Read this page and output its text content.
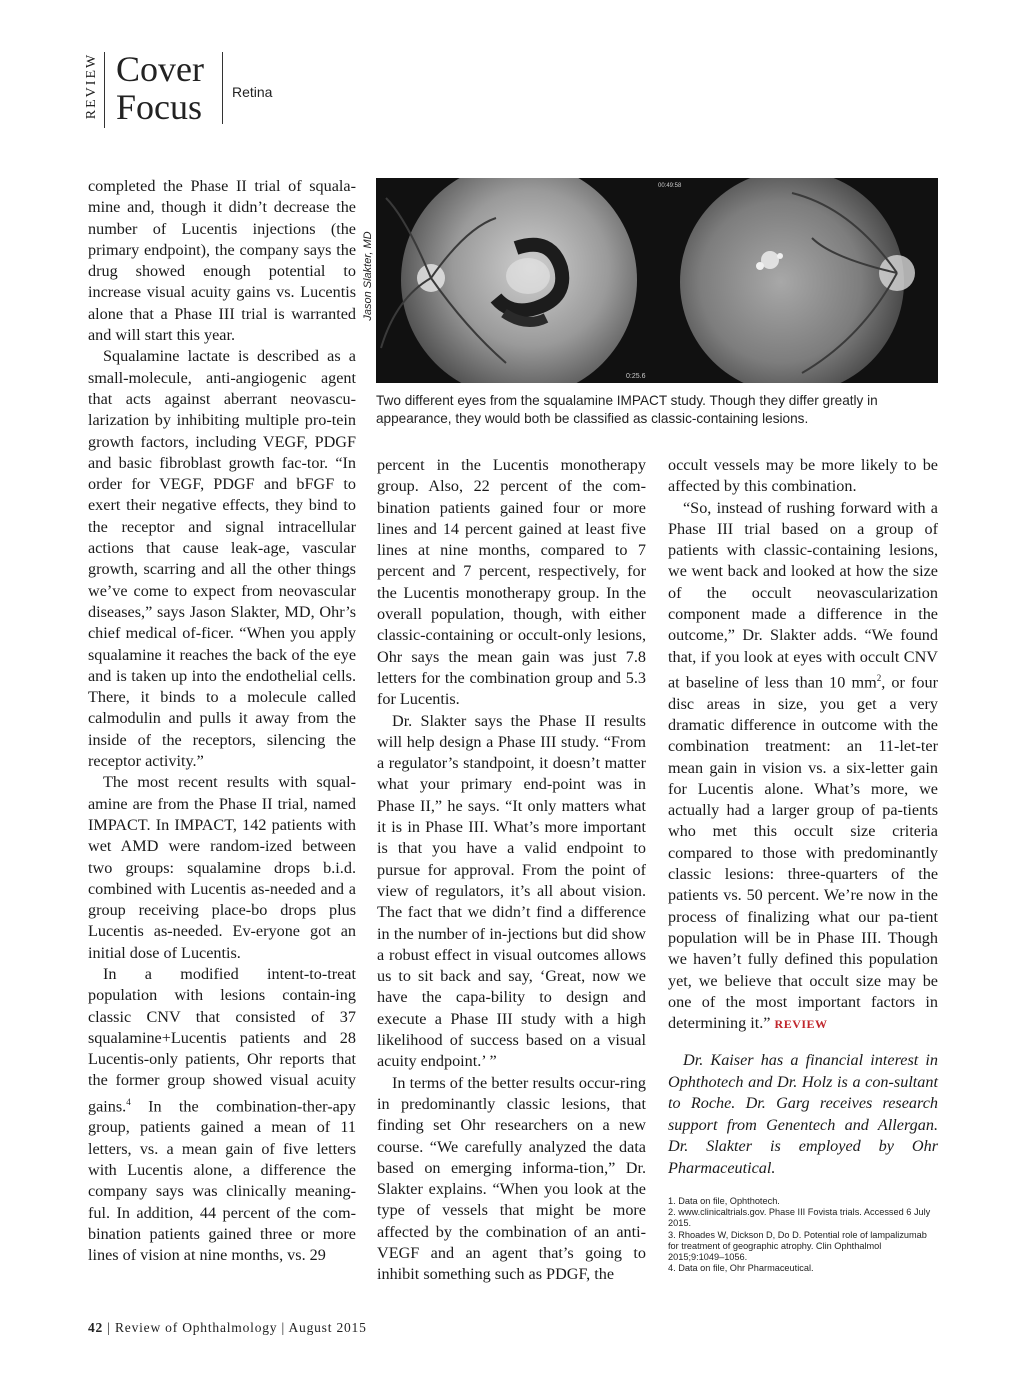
REVIEW Cover
Focus Retina

completed the Phase II trial of squala-mine and, though it didn’t decrease the number of Lucentis injections (the primary endpoint), the company says the drug showed enough potential to increase visual acuity gains vs. Lucentis alone that a Phase III trial is warranted and will start this year.

Squalamine lactate is described as a small-molecule, anti-angiogenic agent that acts against aberrant neovascu-larization by inhibiting multiple pro-tein growth factors, including VEGF, PDGF and basic fibroblast growth fac-tor. “In order for VEGF, PDGF and bFGF to exert their negative effects, they bind to the receptor and signal intracellular actions that cause leak-age, vascular growth, scarring and all the other things we’ve come to expect from neovascular diseases,” says Jason Slakter, MD, Ohr’s chief medical of-ficer. “When you apply squalamine it reaches the back of the eye and is taken up into the endothelial cells. There, it binds to a molecule called calmodulin and pulls it away from the inside of the receptors, silencing the receptor activity.”

The most recent results with squal-amine are from the Phase II trial, named IMPACT. In IMPACT, 142 patients with wet AMD were random-ized between two groups: squalamine drops b.i.d. combined with Lucentis as-needed and a group receiving place-bo drops plus Lucentis as-needed. Ev-eryone got an initial dose of Lucentis.

In a modified intent-to-treat population with lesions contain-ing classic CNV that consisted of 37 squalamine+Lucentis patients and 28 Lucentis-only patients, Ohr reports that the former group showed visual acuity gains.$^4$ In the combination-ther-apy group, patients gained a mean of 11 letters, vs. a mean gain of five letters with Lucentis alone, a difference the company says was clinically meaning-ful. In addition, 44 percent of the com-bination patients gained three or more lines of vision at nine months, vs. 29

Jason Slakter, MD
0:25.6
00:49:58
Two different eyes from the squalamine IMPACT study. Though they differ greatly in appearance, they would both be classified as classic-containing lesions.

percent in the Lucentis monotherapy group. Also, 22 percent of the com-bination patients gained four or more lines and 14 percent gained at least five lines at nine months, compared to 7 percent and 7 percent, respectively, for the Lucentis monotherapy group. In the overall population, though, with either classic-containing or occult-only lesions, Ohr says the mean gain was just 7.8 letters for the combination group and 5.3 for Lucentis.

Dr. Slakter says the Phase II results will help design a Phase III study. “From a regulator’s standpoint, it doesn’t matter what your primary end-point was in Phase II,” he says. “It only matters what it is in Phase III. What’s more important is that you have a valid endpoint to pursue for approval. From the point of view of regulators, it’s all about vision. The fact that we didn’t find a difference in the number of in-jections but did show a robust effect in visual outcomes allows us to sit back and say, ‘Great, now we have the capa-bility to design and execute a Phase III study with a high likelihood of success based on a visual acuity endpoint.’ ”

In terms of the better results occur-ring in predominantly classic lesions, that finding set Ohr researchers on a new course. “We carefully analyzed the data based on emerging informa-tion,” Dr. Slakter explains. “When you look at the type of vessels that might be more affected by the combination of an anti-VEGF and an agent that’s going to inhibit something such as PDGF, the

occult vessels may be more likely to be affected by this combination.

“So, instead of rushing forward with a Phase III trial based on a group of patients with classic-containing lesions, we went back and looked at how the size of the occult neovascularization component made a difference in the outcome,” Dr. Slakter adds. “We found that, if you look at eyes with occult CNV at baseline of less than 10 $mm^2$, or four disc areas in size, you get a very dramatic difference in outcome with the combination treatment: an 11-let-ter mean gain in vision vs. a six-letter gain for Lucentis alone. What’s more, we actually had a larger group of pa-tients who met this occult size criteria compared to those with predominantly classic lesions: three-quarters of the patients vs. 50 percent. We’re now in the process of finalizing what our pa-tient population will be in Phase III. Though we haven’t fully defined this population yet, we believe that occult size may be one of the most important factors in determining it.” REVIEW

Dr. Kaiser has a financial interest in Ophthotech and Dr. Holz is a con-sultant to Roche. Dr. Garg receives research support from Genentech and Allergan. Dr. Slakter is employed by Ohr Pharmaceutical.

1. Data on file, Ophthotech.
2. www.clinicaltrials.gov. Phase III Fovista trials. Accessed 6 July 2015.
3. Rhoades W, Dickson D, Do D. Potential role of lampalizumab for treatment of geographic atrophy. Clin Ophthalmol 2015;9:1049–1056.
4. Data on file, Ohr Pharmaceutical.
42 | Review of Ophthalmology | August 2015
